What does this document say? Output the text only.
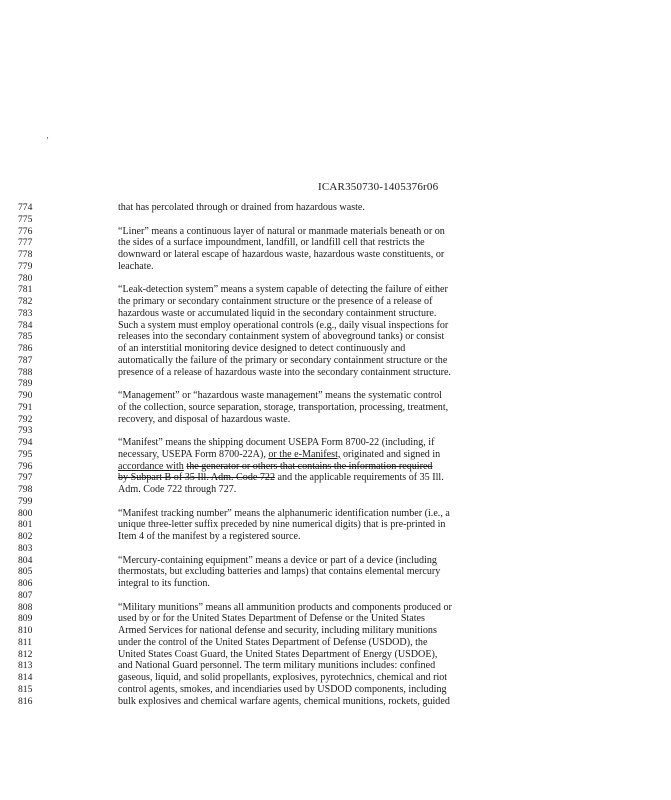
‚
ICAR350730-1405376r06
774	that has percolated through or drained from hazardous waste.
775
776	“Liner” means a continuous layer of natural or manmade materials beneath or on
777	the sides of a surface impoundment, landfill, or landfill cell that restricts the
778	downward or lateral escape of hazardous waste, hazardous waste constituents, or
779	leachate.
780
781	“Leak-detection system” means a system capable of detecting the failure of either
782	the primary or secondary containment structure or the presence of a release of
783	hazardous waste or accumulated liquid in the secondary containment structure.
784	Such a system must employ operational controls (e.g., daily visual inspections for
785	releases into the secondary containment system of aboveground tanks) or consist
786	of an interstitial monitoring device designed to detect continuously and
787	automatically the failure of the primary or secondary containment structure or the
788	presence of a release of hazardous waste into the secondary containment structure.
789
790	“Management” or “hazardous waste management” means the systematic control
791	of the collection, source separation, storage, transportation, processing, treatment,
792	recovery, and disposal of hazardous waste.
793
794	“Manifest” means the shipping document USEPA Form 8700-22 (including, if
795	necessary, USEPA Form 8700-22A), or the e-Manifest, originated and signed in
796	accordance with the generator or others that contains the information required
797	by Subpart B of 35 Ill. Adm. Code 722 and the applicable requirements of 35 Ill.
798	Adm. Code 722 through 727.
799
800	“Manifest tracking number” means the alphanumeric identification number (i.e., a
801	unique three-letter suffix preceded by nine numerical digits) that is pre-printed in
802	Item 4 of the manifest by a registered source.
803
804	“Mercury-containing equipment” means a device or part of a device (including
805	thermostats, but excluding batteries and lamps) that contains elemental mercury
806	integral to its function.
807
808	“Military munitions” means all ammunition products and components produced or
809	used by or for the United States Department of Defense or the United States
810	Armed Services for national defense and security, including military munitions
811	under the control of the United States Department of Defense (USDOD), the
812	United States Coast Guard, the United States Department of Energy (USDOE),
813	and National Guard personnel. The term military munitions includes: confined
814	gaseous, liquid, and solid propellants, explosives, pyrotechnics, chemical and riot
815	control agents, smokes, and incendiaries used by USDOD components, including
816	bulk explosives and chemical warfare agents, chemical munitions, rockets, guided
